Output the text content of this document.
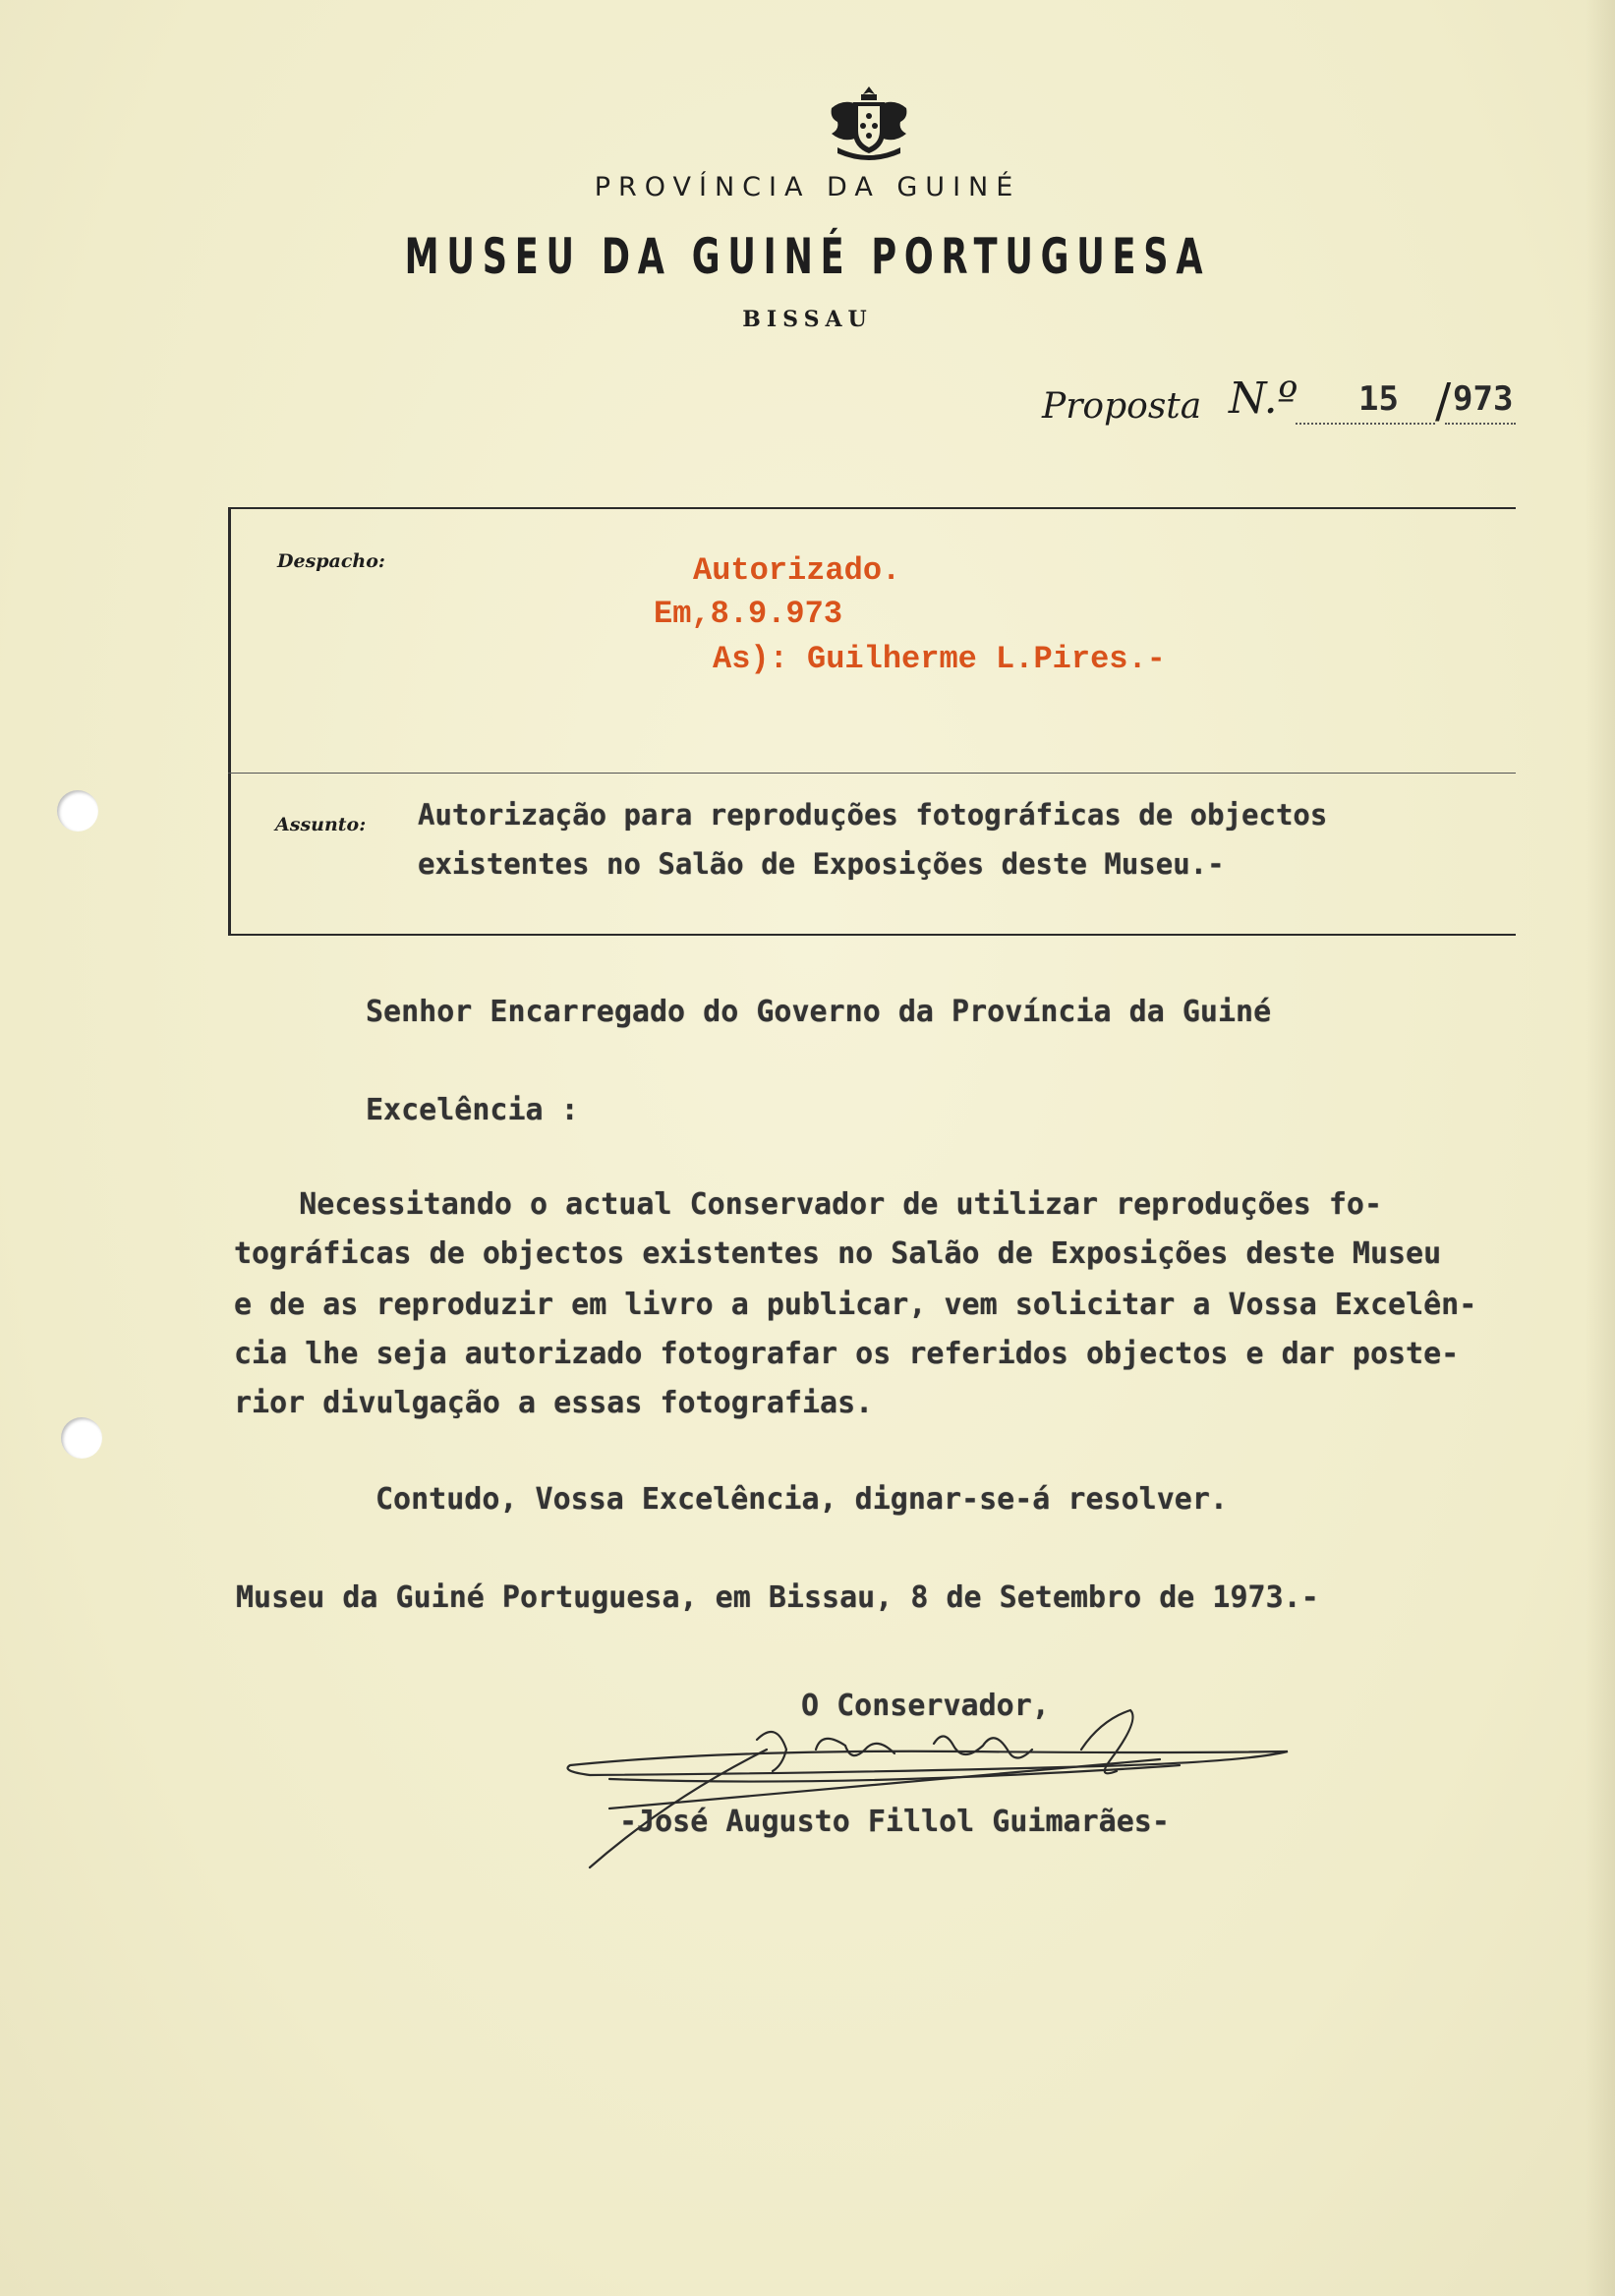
PROVÍNCIA DA GUINÉ
MUSEU DA GUINÉ PORTUGUESA
BISSAU
Proposta N.º 15 / 973
Despacho:	Autorizado.
Em,8.9.973
As): Guilherme L.Pires.-
Assunto: Autorização para reproduções fotográficas de objectos
existentes no Salão de Exposições deste Museu.-
Senhor Encarregado do Governo da Província da Guiné
Excelência :
Necessitando o actual Conservador de utilizar reproduções fo-
tográficas de objectos existentes no Salão de Exposições deste Museu
e de as reproduzir em livro a publicar, vem solicitar a Vossa Excelên-
cia lhe seja autorizado fotografar os referidos objectos e dar poste-
rior divulgação a essas fotografias.
Contudo, Vossa Excelência, dignar-se-á resolver.
Museu da Guiné Portuguesa, em Bissau, 8 de Setembro de 1973.-
O Conservador,
-José Augusto Fillol Guimarães-
